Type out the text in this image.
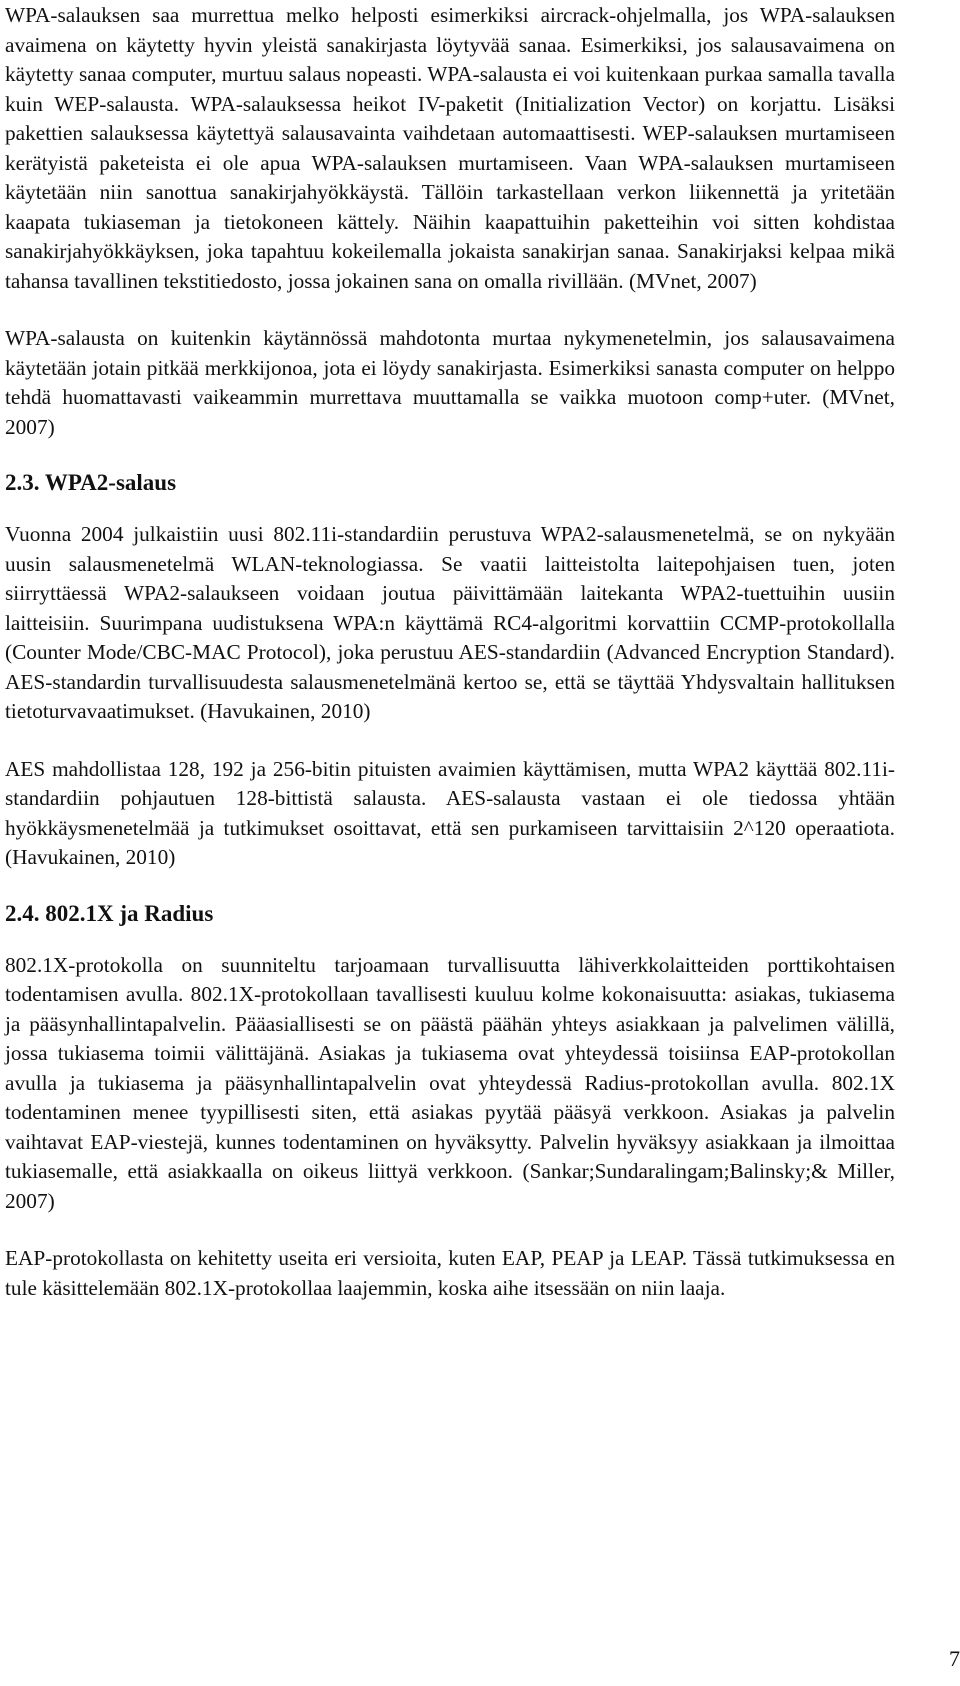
WPA-salauksen saa murrettua melko helposti esimerkiksi aircrack-ohjelmalla, jos WPA-salauksen avaimena on käytetty hyvin yleistä sanakirjasta löytyvää sanaa. Esimerkiksi, jos salausavaimena on käytetty sanaa computer, murtuu salaus nopeasti. WPA-salausta ei voi kuitenkaan purkaa samalla tavalla kuin WEP-salausta. WPA-salauksessa heikot IV-paketit (Initialization Vector) on korjattu. Lisäksi pakettien salauksessa käytettyä salausavainta vaihdetaan automaattisesti. WEP-salauksen murtamiseen kerätyistä paketeista ei ole apua WPA-salauksen murtamiseen. Vaan WPA-salauksen murtamiseen käytetään niin sanottua sanakirjahyökkäystä. Tällöin tarkastellaan verkon liikennettä ja yritetään kaapata tukiaseman ja tietokoneen kättely. Näihin kaapattuihin paketteihin voi sitten kohdistaa sanakirjahyökkäyksen, joka tapahtuu kokeilemalla jokaista sanakirjan sanaa. Sanakirjaksi kelpaa mikä tahansa tavallinen tekstitiedosto, jossa jokainen sana on omalla rivillään. (MVnet, 2007)

WPA-salausta on kuitenkin käytännössä mahdotonta murtaa nykymenetelmin, jos salausavaimena käytetään jotain pitkää merkkijonoa, jota ei löydy sanakirjasta. Esimerkiksi sanasta computer on helppo tehdä huomattavasti vaikeammin murrettava muuttamalla se vaikka muotoon comp+uter. (MVnet, 2007)

2.3. WPA2-salaus

Vuonna 2004 julkaistiin uusi 802.11i-standardiin perustuva WPA2-salausmenetelmä, se on nykyään uusin salausmenetelmä WLAN-teknologiassa. Se vaatii laitteistolta laitepohjaisen tuen, joten siirryttäessä WPA2-salaukseen voidaan joutua päivittämään laitekanta WPA2-tuettuihin uusiin laitteisiin. Suurimpana uudistuksena WPA:n käyttämä RC4-algoritmi korvattiin CCMP-protokollalla (Counter Mode/CBC-MAC Protocol), joka perustuu AES-standardiin (Advanced Encryption Standard). AES-standardin turvallisuudesta salausmenetelmänä kertoo se, että se täyttää Yhdysvaltain hallituksen tietoturvavaatimukset. (Havukainen, 2010)

AES mahdollistaa 128, 192 ja 256-bitin pituisten avaimien käyttämisen, mutta WPA2 käyttää 802.11i-standardiin pohjautuen 128-bittistä salausta. AES-salausta vastaan ei ole tiedossa yhtään hyökkäysmenetelmää ja tutkimukset osoittavat, että sen purkamiseen tarvittaisiin 2^120 operaatiota. (Havukainen, 2010)

2.4. 802.1X ja Radius

802.1X-protokolla on suunniteltu tarjoamaan turvallisuutta lähiverkkolaitteiden porttikohtaisen todentamisen avulla. 802.1X-protokollaan tavallisesti kuuluu kolme kokonaisuutta: asiakas, tukiasema ja pääsynhallintapalvelin. Pääasiallisesti se on päästä päähän yhteys asiakkaan ja palvelimen välillä, jossa tukiasema toimii välittäjänä. Asiakas ja tukiasema ovat yhteydessä toisiinsa EAP-protokollan avulla ja tukiasema ja pääsynhallintapalvelin ovat yhteydessä Radius-protokollan avulla. 802.1X todentaminen menee tyypillisesti siten, että asiakas pyytää pääsyä verkkoon. Asiakas ja palvelin vaihtavat EAP-viestejä, kunnes todentaminen on hyväksytty. Palvelin hyväksyy asiakkaan ja ilmoittaa tukiasemalle, että asiakkaalla on oikeus liittyä verkkoon. (Sankar;Sundaralingam;Balinsky;& Miller, 2007)

EAP-protokollasta on kehitetty useita eri versioita, kuten EAP, PEAP ja LEAP. Tässä tutkimuksessa en tule käsittelemään 802.1X-protokollaa laajemmin, koska aihe itsessään on niin laaja.

7
